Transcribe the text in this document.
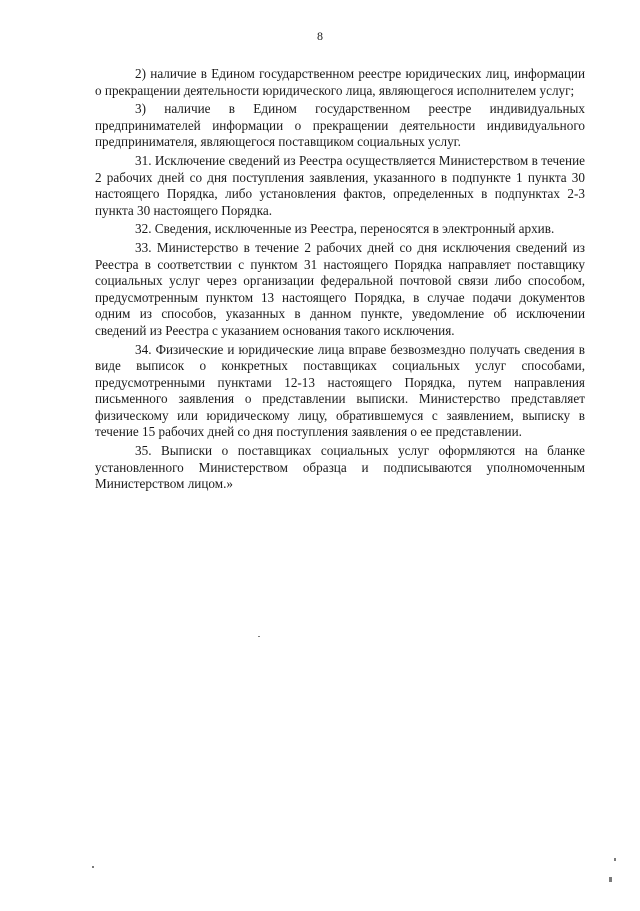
8

2) наличие в Едином государственном реестре юридических лиц, информации о прекращении деятельности юридического лица, являющегося исполнителем услуг;

3) наличие в Едином государственном реестре индивидуальных предпринимателей информации о прекращении деятельности индивидуального предпринимателя, являющегося поставщиком социальных услуг.

31. Исключение сведений из Реестра осуществляется Министерством в течение 2 рабочих дней со дня поступления заявления, указанного в подпункте 1 пункта 30 настоящего Порядка, либо установления фактов, определенных в подпунктах 2-3 пункта 30 настоящего Порядка.

32. Сведения, исключенные из Реестра, переносятся в электронный архив.

33. Министерство в течение 2 рабочих дней со дня исключения сведений из Реестра в соответствии с пунктом 31 настоящего Порядка направляет поставщику социальных услуг через организации федеральной почтовой связи либо способом, предусмотренным пунктом 13 настоящего Порядка, в случае подачи документов одним из способов, указанных в данном пункте, уведомление об исключении сведений из Реестра с указанием основания такого исключения.

34. Физические и юридические лица вправе безвозмездно получать сведения в виде выписок о конкретных поставщиках социальных услуг способами, предусмотренными пунктами 12-13 настоящего Порядка, путем направления письменного заявления о представлении выписки. Министерство представляет физическому или юридическому лицу, обратившемуся с заявлением, выписку в течение 15 рабочих дней со дня поступления заявления о ее представлении.

35. Выписки о поставщиках социальных услуг оформляются на бланке установленного Министерством образца и подписываются уполномоченным Министерством лицом.»
